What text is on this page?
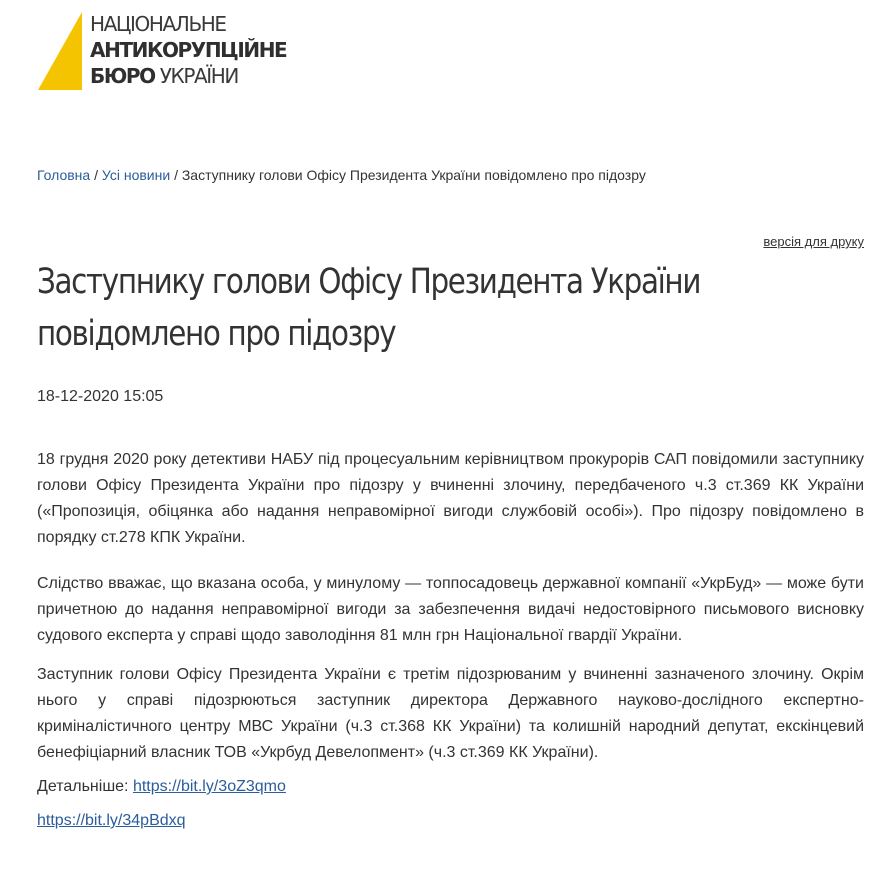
НАЦІОНАЛЬНЕ
АНТИКОРУПЦІЙНЕ
БЮРО УКРАЇНИ
Головна / Усі новини / Заступнику голови Офісу Президента України повідомлено про підозру
версія для друку
Заступнику голови Офісу Президента України повідомлено про підозру
18-12-2020 15:05

18 грудня 2020 року детективи НАБУ під процесуальним керівництвом прокурорів САП повідомили заступнику голови Офісу Президента України про підозру у вчиненні злочину, передбаченого ч.3 ст.369 КК України («Пропозиція, обіцянка або надання неправомірної вигоди службовій особі»). Про підозру повідомлено в порядку ст.278 КПК України.

Слідство вважає, що вказана особа, у минулому — топпосадовець державної компанії «УкрБуд» — може бути причетною до надання неправомірної вигоди за забезпечення видачі недостовірного письмового висновку судового експерта у справі щодо заволодіння 81 млн грн Національної гвардії України.

Заступник голови Офісу Президента України є третім підозрюваним у вчиненні зазначеного злочину. Окрім нього у справі підозрюються заступник директора Державного науково-дослідного експертно-криміналістичного центру МВС України (ч.3 ст.368 КК України) та колишній народний депутат, екскінцевий бенефіціарний власник ТОВ «Укрбуд Девелопмент» (ч.3 ст.369 КК України).

Детальніше: https://bit.ly/3oZ3qmo

https://bit.ly/34pBdxq
